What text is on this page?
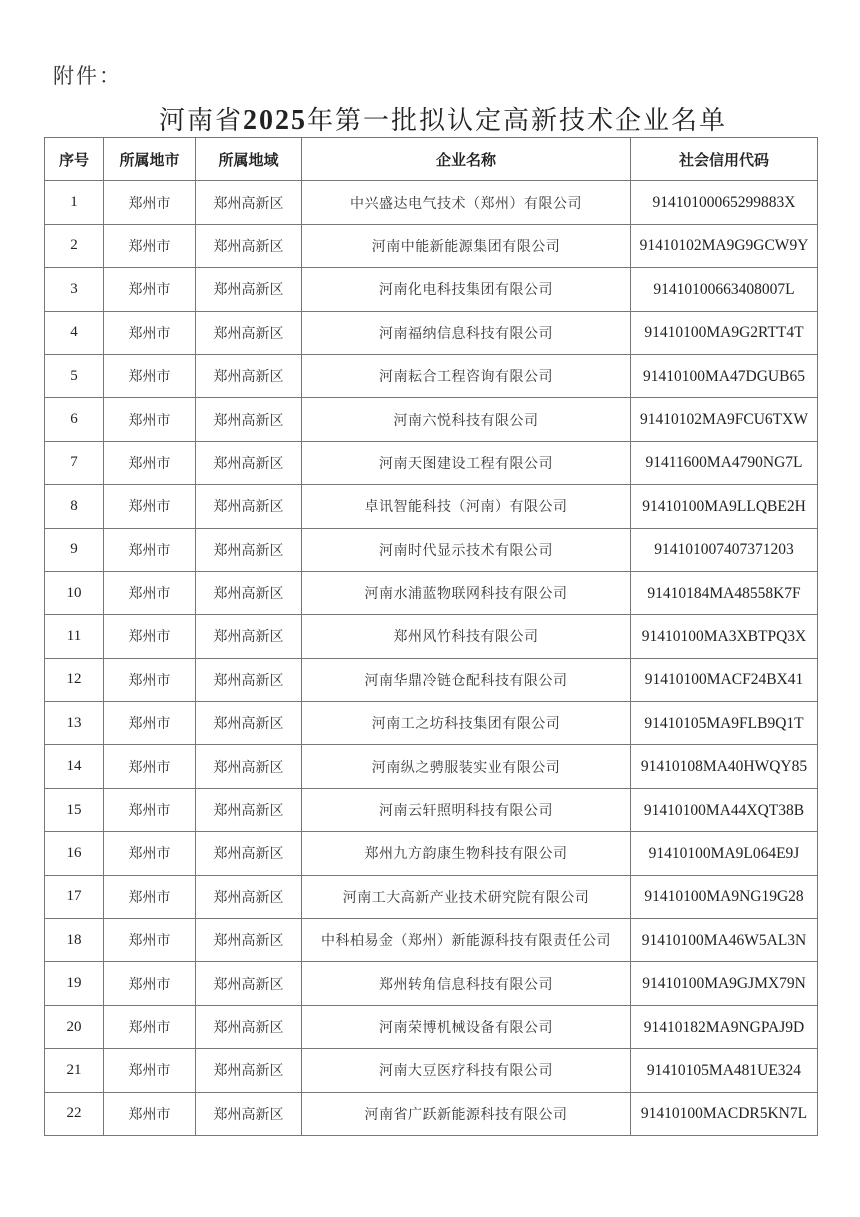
附件：
河南省2025年第一批拟认定高新技术企业名单
序号	所属地市	所属地域	企业名称	社会信用代码
1	郑州市	郑州高新区	中兴盛达电气技术（郑州）有限公司	91410100065299883X
2	郑州市	郑州高新区	河南中能新能源集团有限公司	91410102MA9G9GCW9Y
3	郑州市	郑州高新区	河南化电科技集团有限公司	91410100663408007L
4	郑州市	郑州高新区	河南福纳信息科技有限公司	91410100MA9G2RTT4T
5	郑州市	郑州高新区	河南耘合工程咨询有限公司	91410100MA47DGUB65
6	郑州市	郑州高新区	河南六悦科技有限公司	91410102MA9FCU6TXW
7	郑州市	郑州高新区	河南天图建设工程有限公司	91411600MA4790NG7L
8	郑州市	郑州高新区	卓讯智能科技（河南）有限公司	91410100MA9LLQBE2H
9	郑州市	郑州高新区	河南时代显示技术有限公司	914101007407371203
10	郑州市	郑州高新区	河南水浦蓝物联网科技有限公司	91410184MA48558K7F
11	郑州市	郑州高新区	郑州风竹科技有限公司	91410100MA3XBTPQ3X
12	郑州市	郑州高新区	河南华鼎冷链仓配科技有限公司	91410100MACF24BX41
13	郑州市	郑州高新区	河南工之坊科技集团有限公司	91410105MA9FLB9Q1T
14	郑州市	郑州高新区	河南纵之骋服装实业有限公司	91410108MA40HWQY85
15	郑州市	郑州高新区	河南云轩照明科技有限公司	91410100MA44XQT38B
16	郑州市	郑州高新区	郑州九方韵康生物科技有限公司	91410100MA9L064E9J
17	郑州市	郑州高新区	河南工大高新产业技术研究院有限公司	91410100MA9NG19G28
18	郑州市	郑州高新区	中科柏易金（郑州）新能源科技有限责任公司	91410100MA46W5AL3N
19	郑州市	郑州高新区	郑州转角信息科技有限公司	91410100MA9GJMX79N
20	郑州市	郑州高新区	河南荣博机械设备有限公司	91410182MA9NGPAJ9D
21	郑州市	郑州高新区	河南大豆医疗科技有限公司	91410105MA481UE324
22	郑州市	郑州高新区	河南省广跃新能源科技有限公司	91410100MACDR5KN7L
